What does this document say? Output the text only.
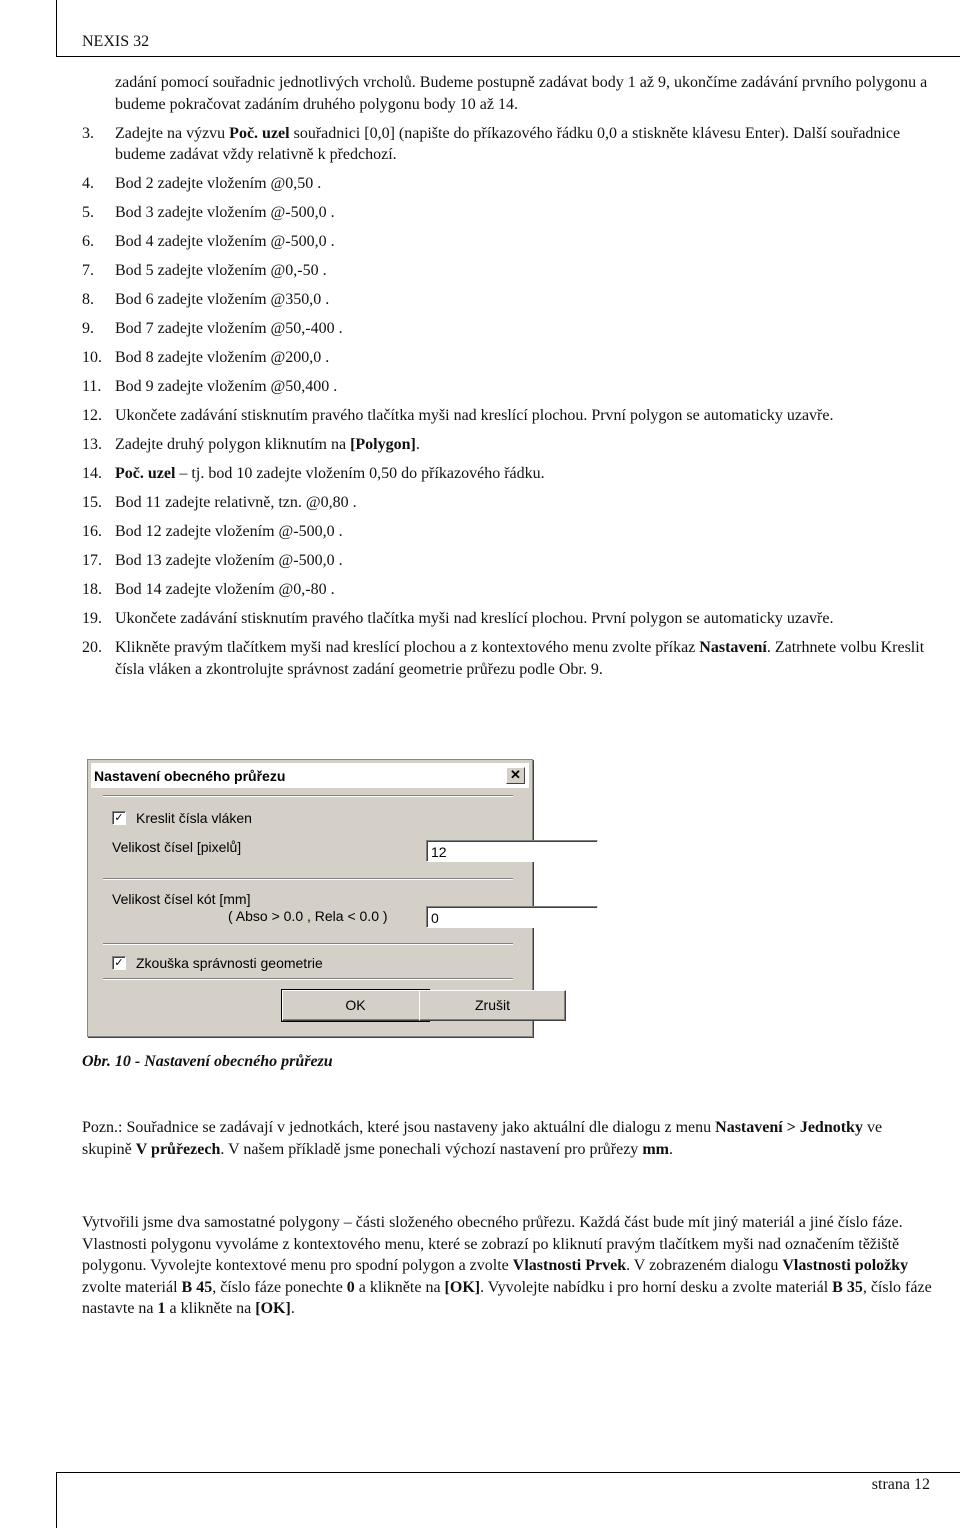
NEXIS 32
zadání pomocí souřadnic jednotlivých vrcholů. Budeme postupně zadávat body 1 až 9, ukončíme zadávání prvního polygonu a budeme pokračovat zadáním druhého polygonu body 10 až 14.
3. Zadejte na výzvu Poč. uzel souřadnici [0,0] (napište do příkazového řádku 0,0 a stiskněte klávesu Enter). Další souřadnice budeme zadávat vždy relativně k předchozí.
4. Bod 2 zadejte vložením @0,50 .
5. Bod 3 zadejte vložením @-500,0 .
6. Bod 4 zadejte vložením @-500,0 .
7. Bod 5 zadejte vložením @0,-50 .
8. Bod 6 zadejte vložením @350,0 .
9. Bod 7 zadejte vložením @50,-400 .
10. Bod 8 zadejte vložením @200,0 .
11. Bod 9 zadejte vložením @50,400 .
12. Ukončete zadávání stisknutím pravého tlačítka myši nad kreslící plochou. První polygon se automaticky uzavře.
13. Zadejte druhý polygon kliknutím na [Polygon].
14. Poč. uzel – tj. bod 10 zadejte vložením 0,50 do příkazového řádku.
15. Bod 11 zadejte relativně, tzn. @0,80 .
16. Bod 12 zadejte vložením @-500,0 .
17. Bod 13 zadejte vložením @-500,0 .
18. Bod 14 zadejte vložením @0,-80 .
19. Ukončete zadávání stisknutím pravého tlačítka myši nad kreslící plochou. První polygon se automaticky uzavře.
20. Klikněte pravým tlačítkem myši nad kreslící plochou a z kontextového menu zvolte příkaz Nastavení. Zatrhnete volbu Kreslit čísla vláken a zkontrolujte správnost zadání geometrie průřezu podle Obr. 9.
Nastavení obecného průřezu	✕
✓ Kreslit čísla vláken
Velikost čísel [pixelů]	12
Velikost čísel kót [mm]
( Abso > 0.0 , Rela < 0.0 )	0
✓ Zkouška správnosti geometrie
OK	Zrušit
Obr. 10 - Nastavení obecného průřezu
Pozn.: Souřadnice se zadávají v jednotkách, které jsou nastaveny jako aktuální dle dialogu z menu Nastavení > Jednotky ve skupině V průřezech. V našem příkladě jsme ponechali výchozí nastavení pro průřezy mm.
Vytvořili jsme dva samostatné polygony – části složeného obecného průřezu. Každá část bude mít jiný materiál a jiné číslo fáze. Vlastnosti polygonu vyvoláme z kontextového menu, které se zobrazí po kliknutí pravým tlačítkem myši nad označením těžiště polygonu. Vyvolejte kontextové menu pro spodní polygon a zvolte Vlastnosti Prvek. V zobrazeném dialogu Vlastnosti položky zvolte materiál B 45, číslo fáze ponechte 0 a klikněte na [OK]. Vyvolejte nabídku i pro horní desku a zvolte materiál B 35, číslo fáze nastavte na 1 a klikněte na [OK].
strana 12
